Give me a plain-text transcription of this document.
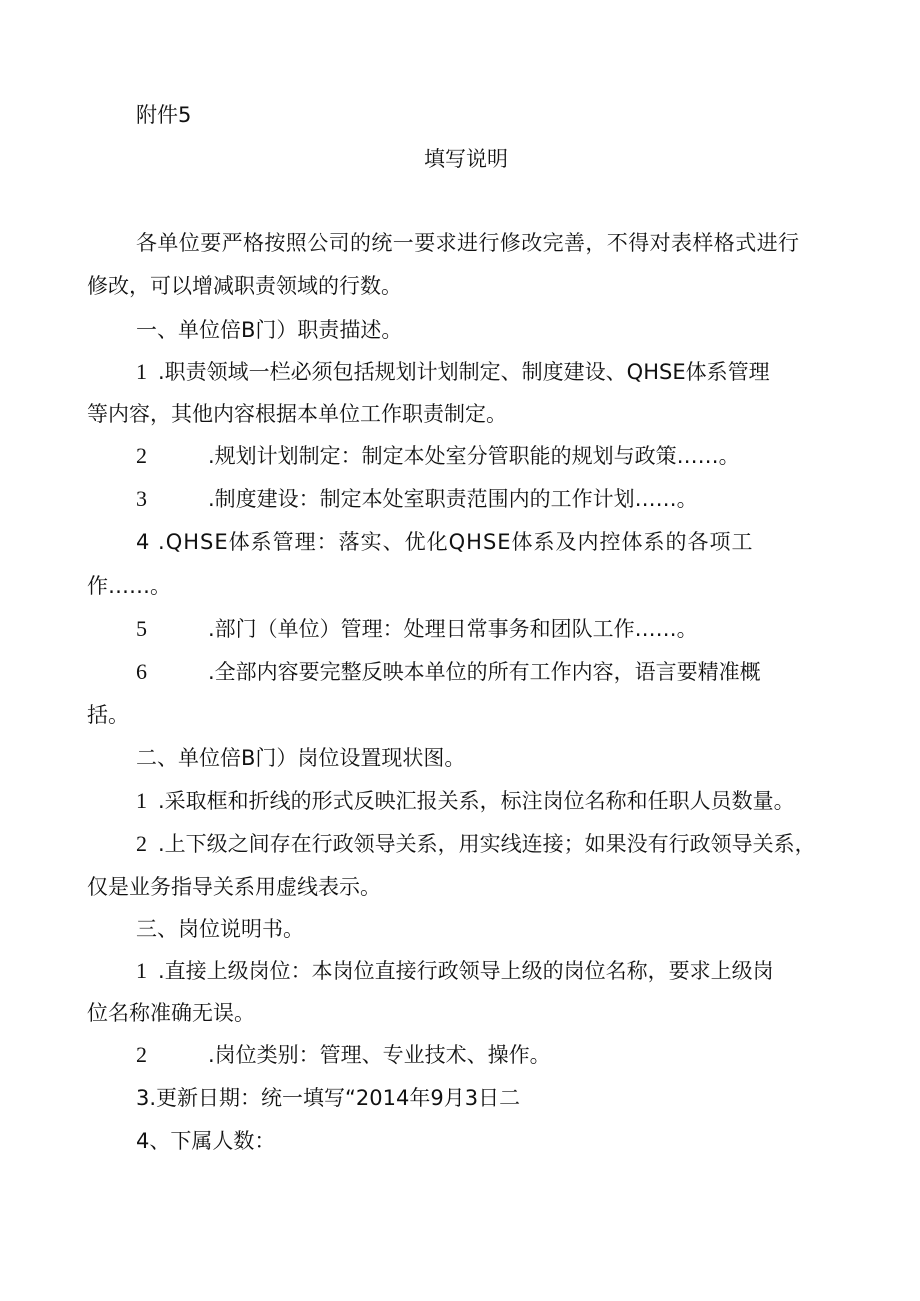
附件5
填写说明
各单位要严格按照公司的统一要求进行修改完善，不得对表样格式进行
修改，可以增减职责领域的行数。
一、单位倍B门）职责描述。
1 .职责领域一栏必须包括规划计划制定、制度建设、QHSE体系管理
等内容，其他内容根据本单位工作职责制定。
2	.规划计划制定：制定本处室分管职能的规划与政策……。
3	.制度建设：制定本处室职责范围内的工作计划……。
4 .QHSE体系管理：落实、优化QHSE体系及内控体系的各项工
作……。
5	.部门（单位）管理：处理日常事务和团队工作……。
6	.全部内容要完整反映本单位的所有工作内容，语言要精准概
括。
二、单位倍B门）岗位设置现状图。
1 .采取框和折线的形式反映汇报关系，标注岗位名称和任职人员数量。
2 .上下级之间存在行政领导关系，用实线连接；如果没有行政领导关系，
仅是业务指导关系用虚线表示。
三、岗位说明书。
1 .直接上级岗位：本岗位直接行政领导上级的岗位名称，要求上级岗
位名称准确无误。
2	.岗位类别：管理、专业技术、操作。
3.更新日期：统一填写“2014年9月3日二
4、下属人数：
